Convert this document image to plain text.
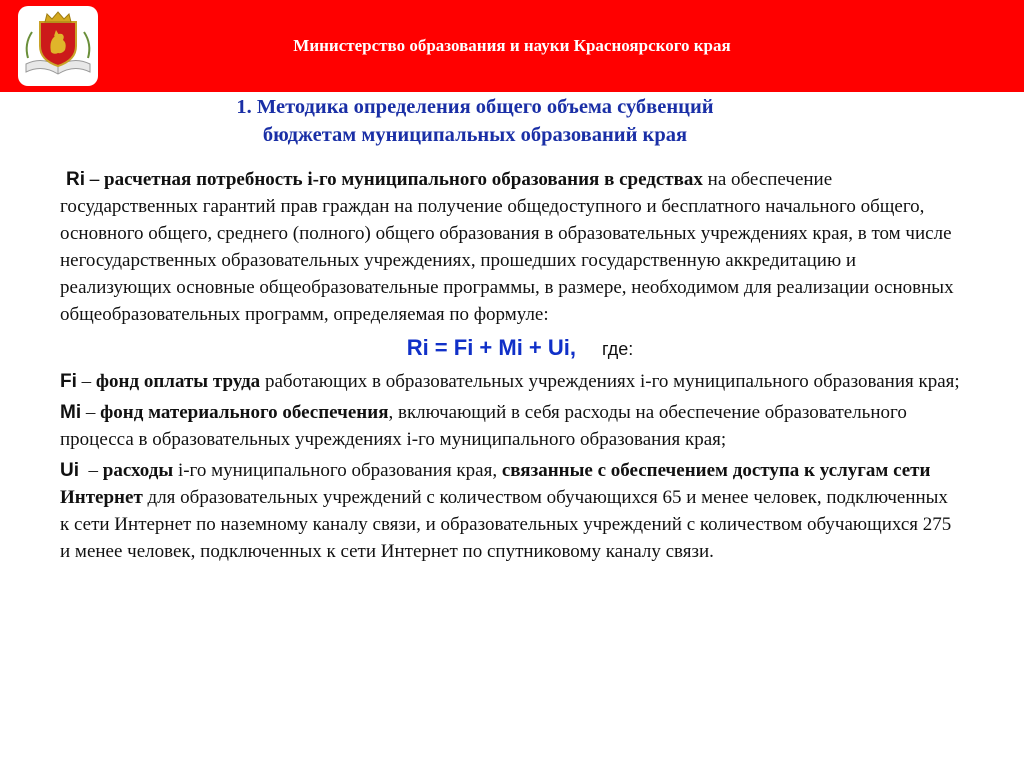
Министерство образования и науки Красноярского края
1. Методика определения общего объема субвенций
бюджетам муниципальных образований края

Ri – расчетная потребность i-го муниципального образования в средствах на обеспечение государственных гарантий прав граждан на получение общедоступного и бесплатного начального общего, основного общего, среднего (полного) общего образования в образовательных учреждениях края, в том числе негосударственных образовательных учреждениях, прошедших государственную аккредитацию и реализующих основные общеобразовательные программы, в размере, необходимом для реализации основных общеобразовательных программ, определяемая по формуле:

Ri = Fi + Mi + Ui, где:

Fi – фонд оплаты труда работающих в образовательных учреждениях i-го муниципального образования края;

Mi – фонд материального обеспечения, включающий в себя расходы на обеспечение образовательного процесса в образовательных учреждениях i-го муниципального образования края;

Ui  – расходы i-го муниципального образования края, связанные с обеспечением доступа к услугам сети Интернет для образовательных учреждений с количеством обучающихся 65 и менее человек, подключенных к сети Интернет по наземному каналу связи, и образовательных учреждений с количеством обучающихся 275 и менее человек, подключенных к сети Интернет по спутниковому каналу связи.
